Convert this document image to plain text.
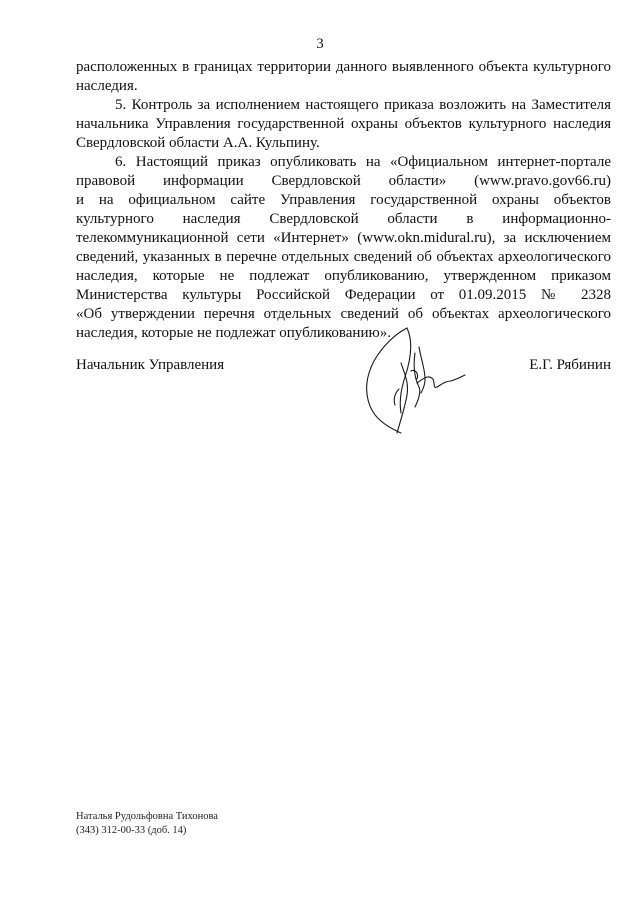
3
расположенных в границах территории данного выявленного объекта культурного
наследия.
5. Контроль за исполнением настоящего приказа возложить на Заместителя
начальника Управления государственной охраны объектов культурного наследия
Свердловской области А.А. Кульпину.
6. Настоящий приказ опубликовать на «Официальном интернет-портале
правовой информации Свердловской области» (www.pravo.gov66.ru)
и на официальном сайте Управления государственной охраны объектов
культурного наследия Свердловской области в информационно-
телекоммуникационной сети «Интернет» (www.okn.midural.ru), за исключением
сведений, указанных в перечне отдельных сведений об объектах археологического
наследия, которые не подлежат опубликованию, утвержденном приказом
Министерства культуры Российской Федерации от 01.09.2015 № 2328
«Об утверждении перечня отдельных сведений об объектах археологического
наследия, которые не подлежат опубликованию».
Начальник Управления	Е.Г. Рябинин
Наталья Рудольфовна Тихонова
(343) 312-00-33 (доб. 14)
